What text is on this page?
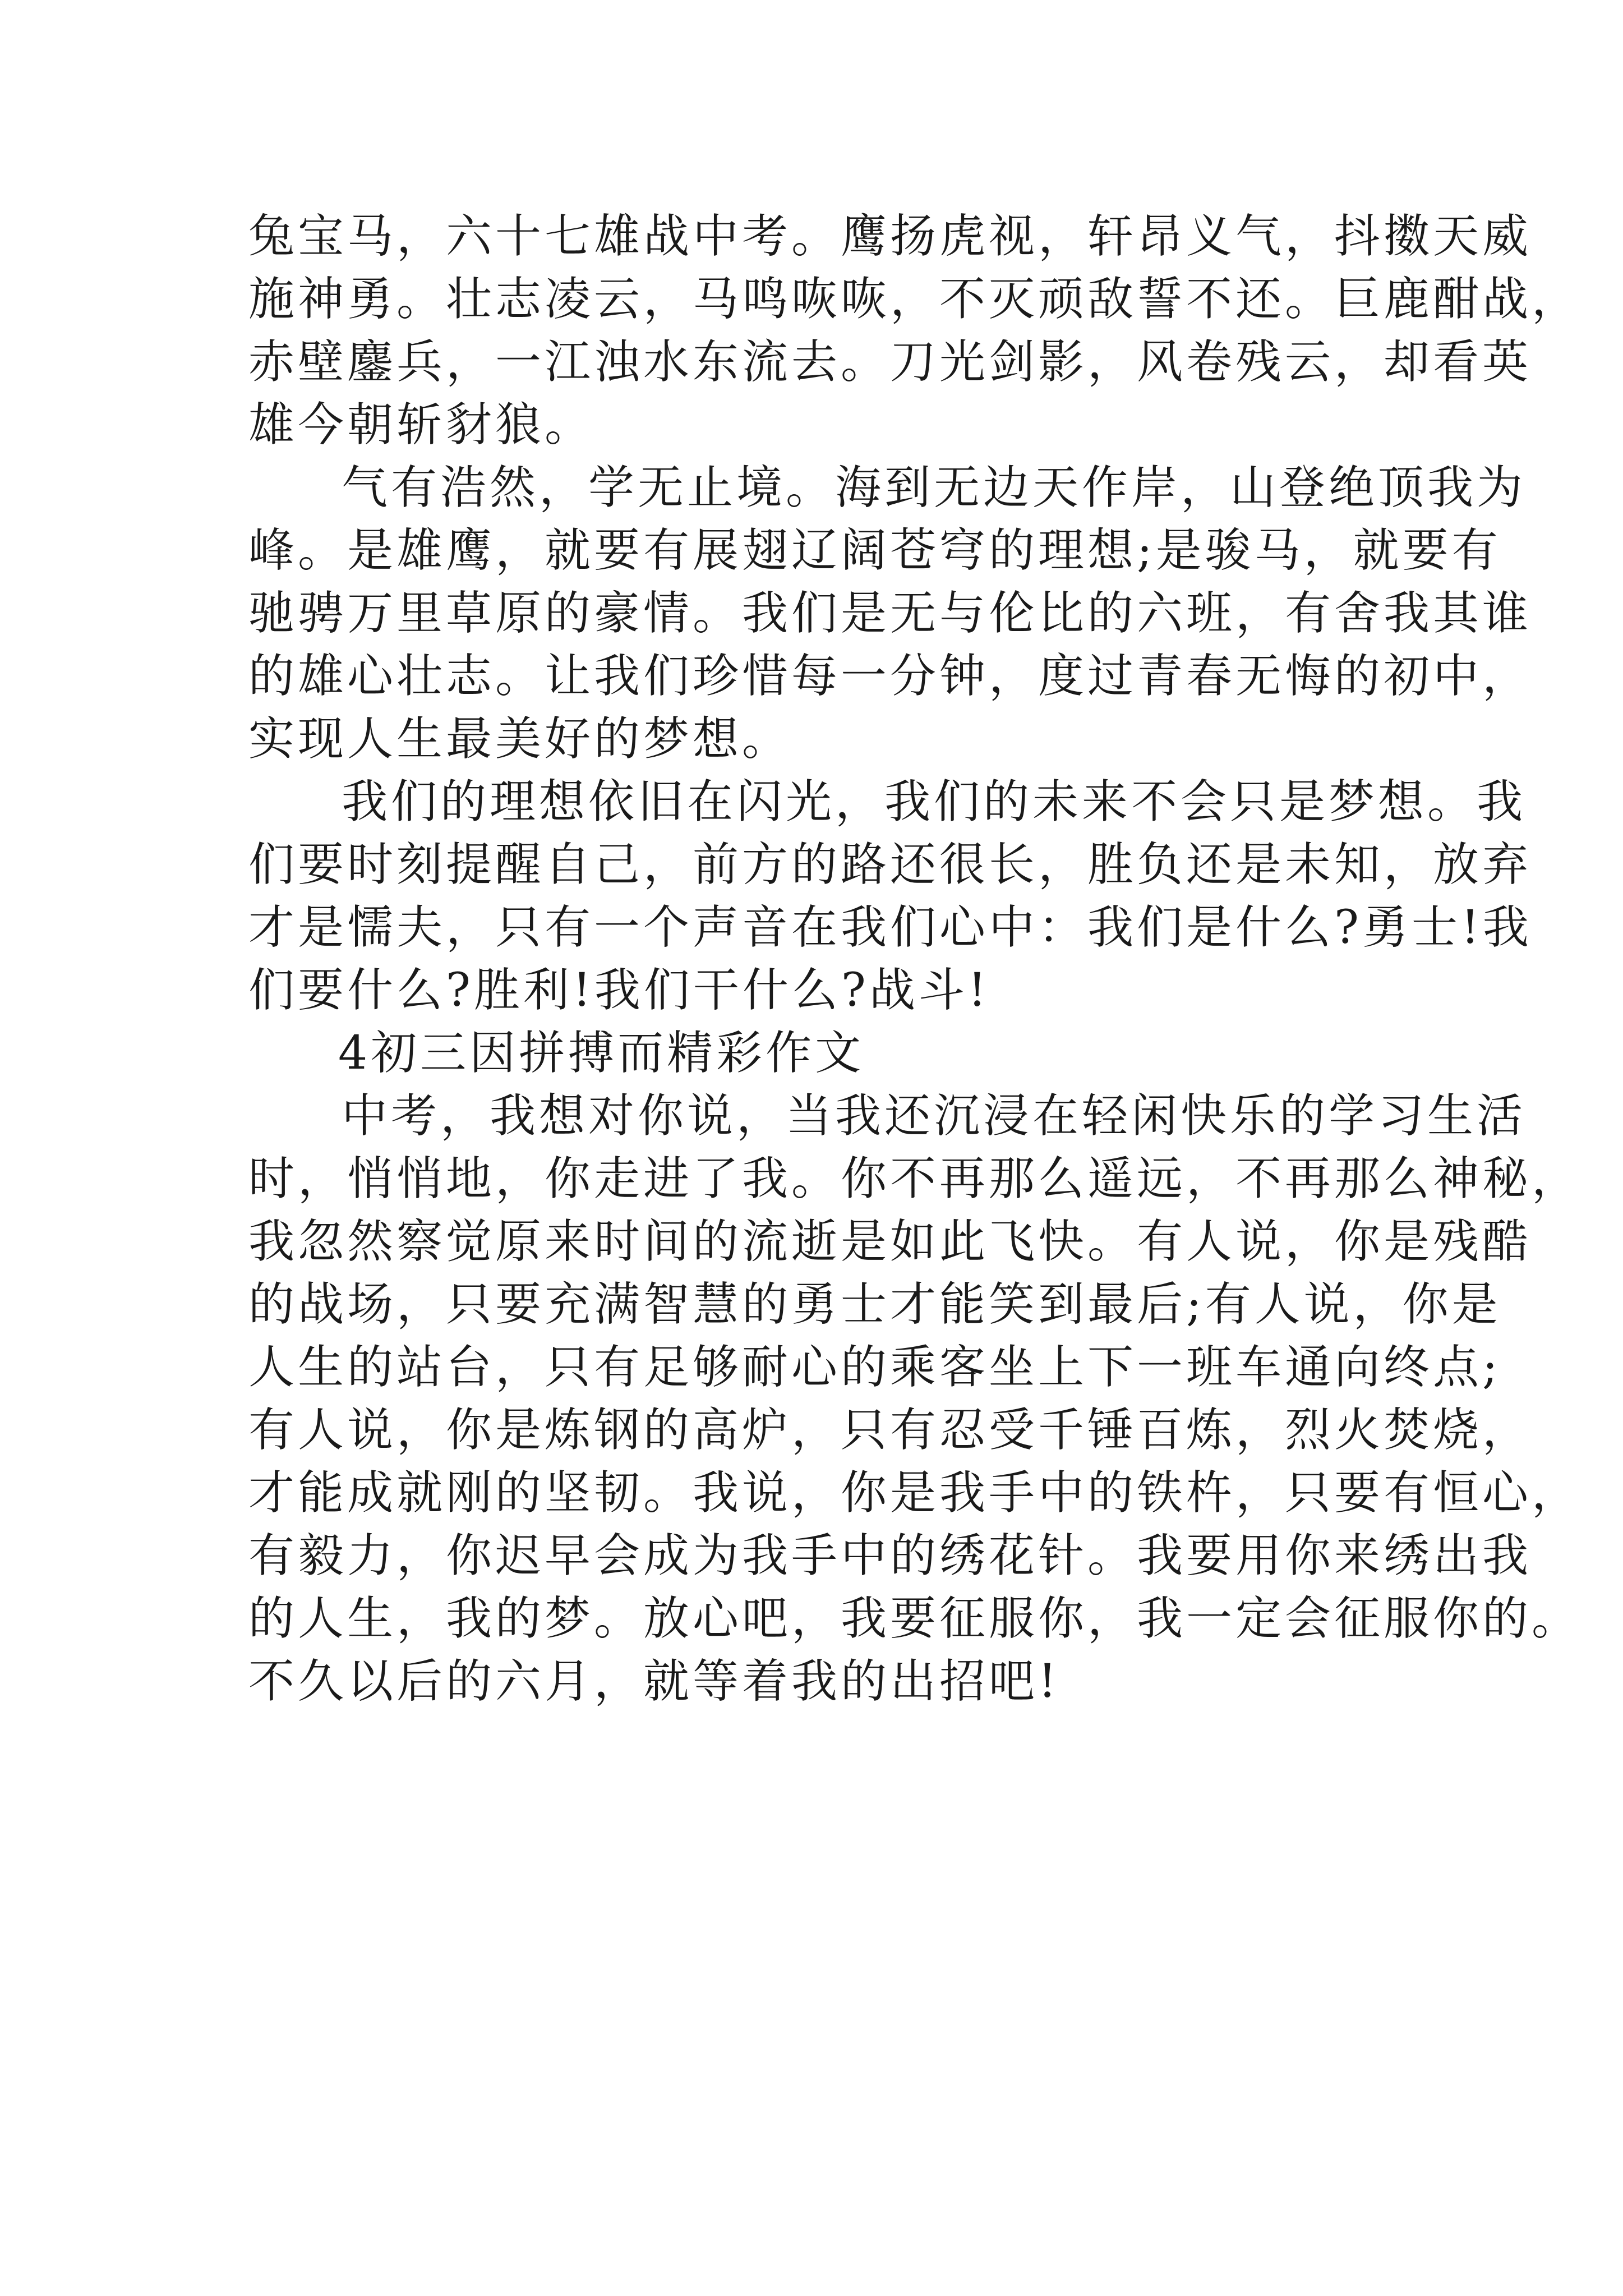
兔宝马，六十七雄战中考。鹰扬虎视，轩昂义气，抖擞天威
施神勇。壮志凌云，马鸣咴咴，不灭顽敌誓不还。巨鹿酣战，
赤壁鏖兵，一江浊水东流去。刀光剑影，风卷残云，却看英
雄今朝斩豺狼。
气有浩然，学无止境。海到无边天作岸，山登绝顶我为
峰。是雄鹰，就要有展翅辽阔苍穹的理想;是骏马，就要有
驰骋万里草原的豪情。我们是无与伦比的六班，有舍我其谁
的雄心壮志。让我们珍惜每一分钟，度过青春无悔的初中，
实现人生最美好的梦想。
我们的理想依旧在闪光，我们的未来不会只是梦想。我
们要时刻提醒自己，前方的路还很长，胜负还是未知，放弃
才是懦夫，只有一个声音在我们心中：我们是什么?勇士!我
们要什么?胜利!我们干什么?战斗!
4初三因拼搏而精彩作文
中考，我想对你说，当我还沉浸在轻闲快乐的学习生活
时，悄悄地，你走进了我。你不再那么遥远，不再那么神秘，
我忽然察觉原来时间的流逝是如此飞快。有人说，你是残酷
的战场，只要充满智慧的勇士才能笑到最后;有人说，你是
人生的站台，只有足够耐心的乘客坐上下一班车通向终点;
有人说，你是炼钢的高炉，只有忍受千锤百炼，烈火焚烧，
才能成就刚的坚韧。我说，你是我手中的铁杵，只要有恒心，
有毅力，你迟早会成为我手中的绣花针。我要用你来绣出我
的人生，我的梦。放心吧，我要征服你，我一定会征服你的。
不久以后的六月，就等着我的出招吧!
